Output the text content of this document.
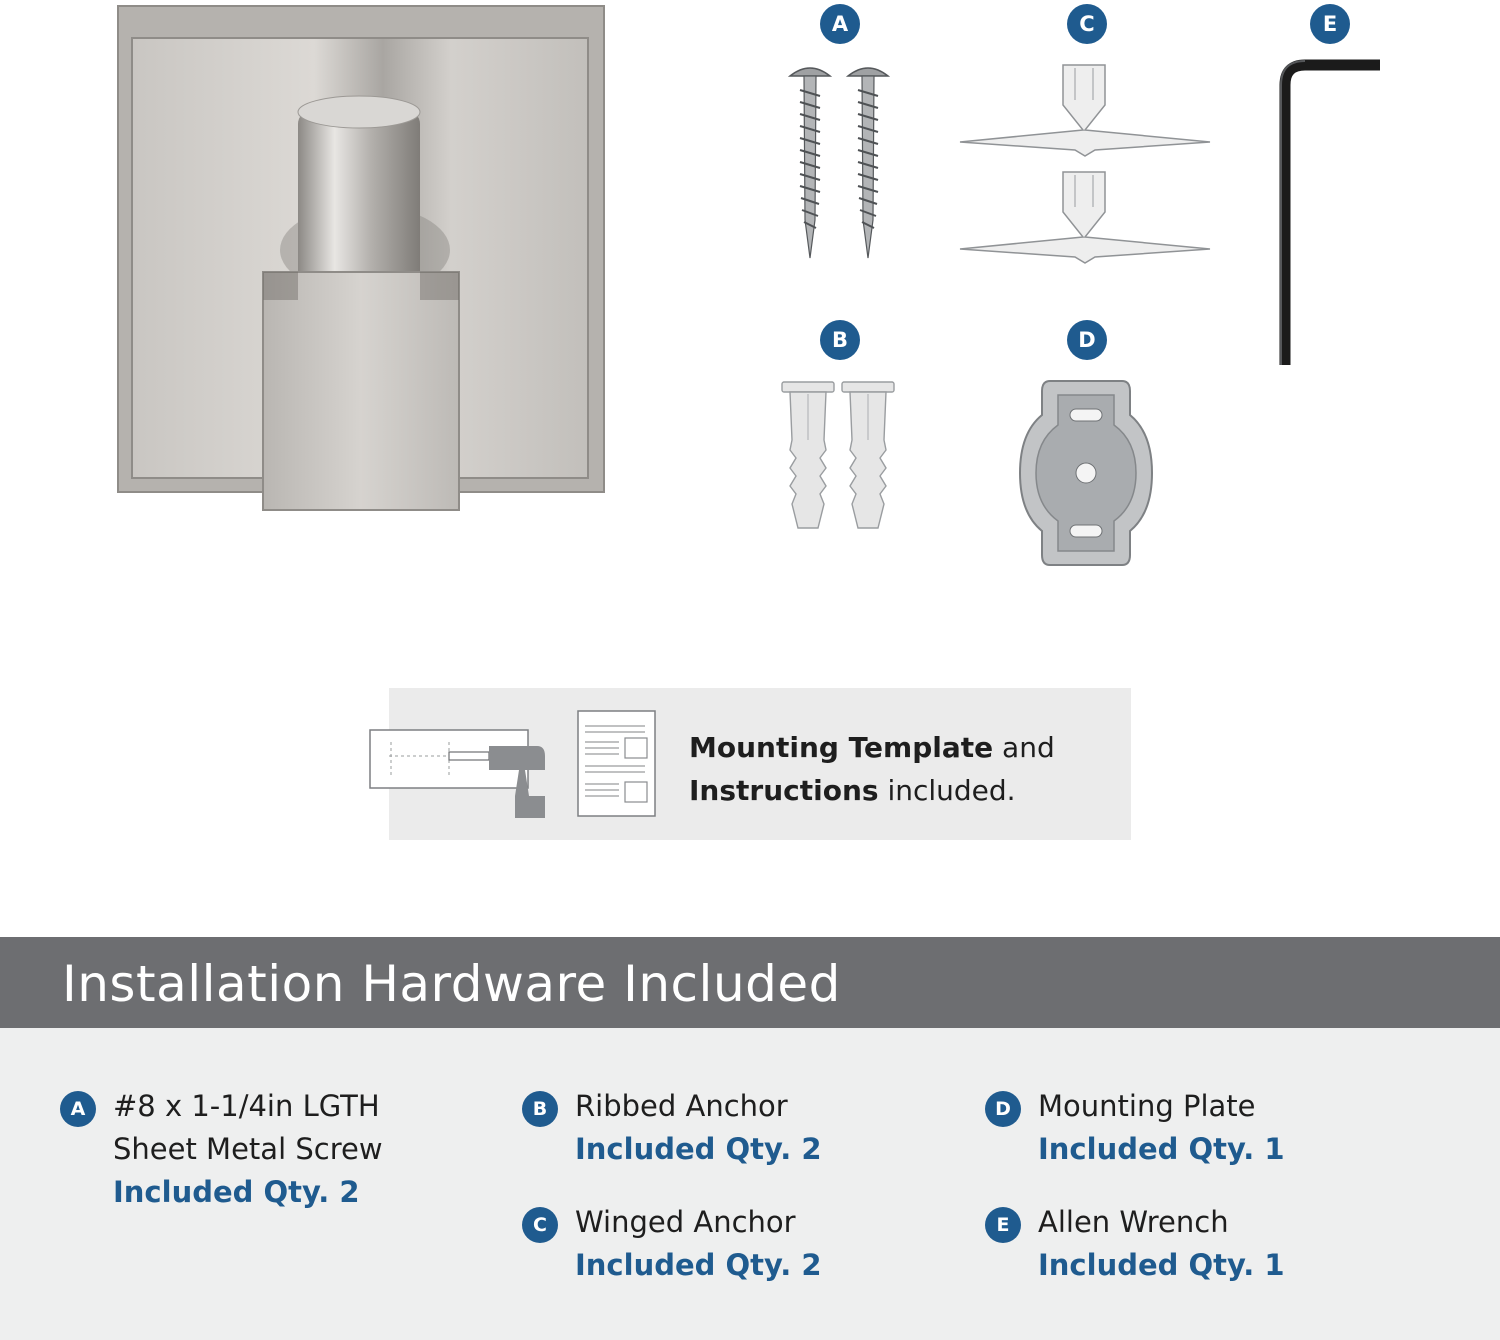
A	C	E
B	D
Mounting Template and
Instructions included.
Installation Hardware Included
A #8 x 1-1/4in LGTH
Sheet Metal Screw
Included Qty. 2
B Ribbed Anchor
Included Qty. 2
C Winged Anchor
Included Qty. 2
D Mounting Plate
Included Qty. 1
E Allen Wrench
Included Qty. 1
